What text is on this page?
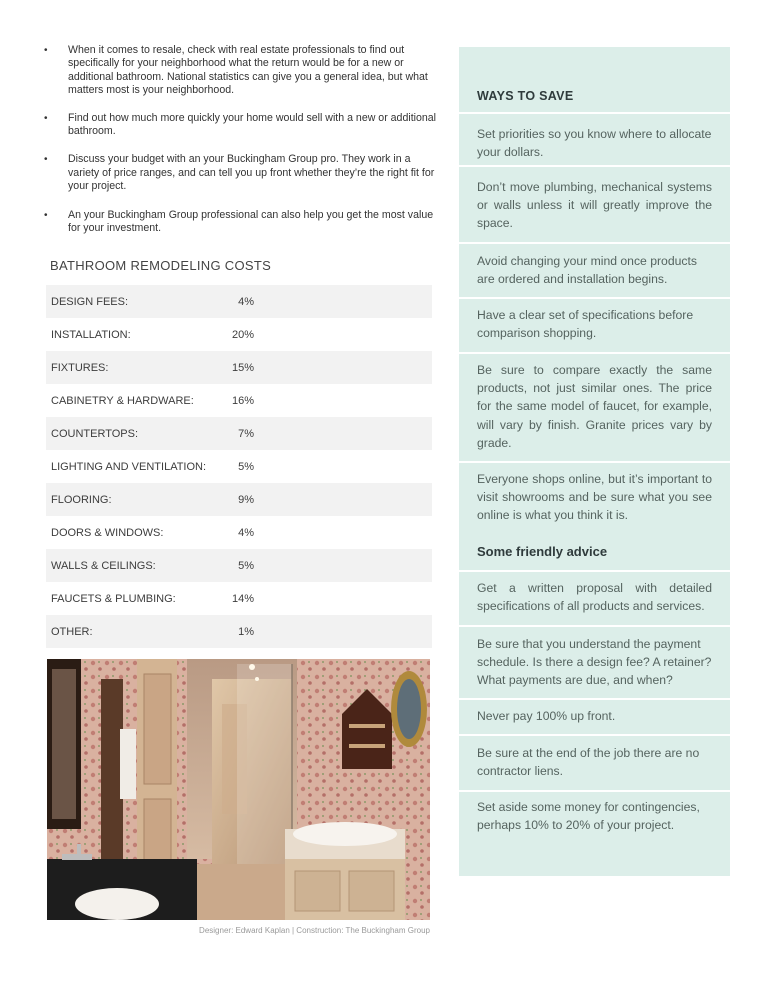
• When it comes to resale, check with real estate professionals to find out specifically for your neighborhood what the return would be for a new or additional bathroom. National statistics can give you a general idea, but what matters most is your neighborhood.
• Find out how much more quickly your home would sell with a new or additional bathroom.
• Discuss your budget with an your Buckingham Group pro. They work in a variety of price ranges, and can tell you up front whether they’re the right fit for your project.
• An your Buckingham Group professional can also help you get the most value for your investment.
BATHROOM REMODELING COSTS
DESIGN FEES:	4%
INSTALLATION:	20%
FIXTURES:	15%
CABINETRY & HARDWARE:	16%
COUNTERTOPS:	7%
LIGHTING AND VENTILATION:	5%
FLOORING:	9%
DOORS & WINDOWS:	4%
WALLS & CEILINGS:	5%
FAUCETS & PLUMBING:	14%
OTHER:	1%
Designer: Edward Kaplan | Construction: The Buckingham Group
WAYS TO SAVE
Set priorities so you know where to allocate your dollars.
Don’t move plumbing, mechanical systems or walls unless it will greatly improve the space.
Avoid changing your mind once products are ordered and installation begins.
Have a clear set of specifications before comparison shopping.
Be sure to compare exactly the same products, not just similar ones. The price for the same model of faucet, for example, will vary by finish. Granite prices vary by grade.
Everyone shops online, but it’s important to visit showrooms and be sure what you see online is what you think it is.
Some friendly advice
Get a written proposal with detailed specifications of all products and services.
Be sure that you understand the payment schedule. Is there a design fee? A retainer? What payments are due, and when?
Never pay 100% up front.
Be sure at the end of the job there are no contractor liens.
Set aside some money for contingencies, perhaps 10% to 20% of your project.
